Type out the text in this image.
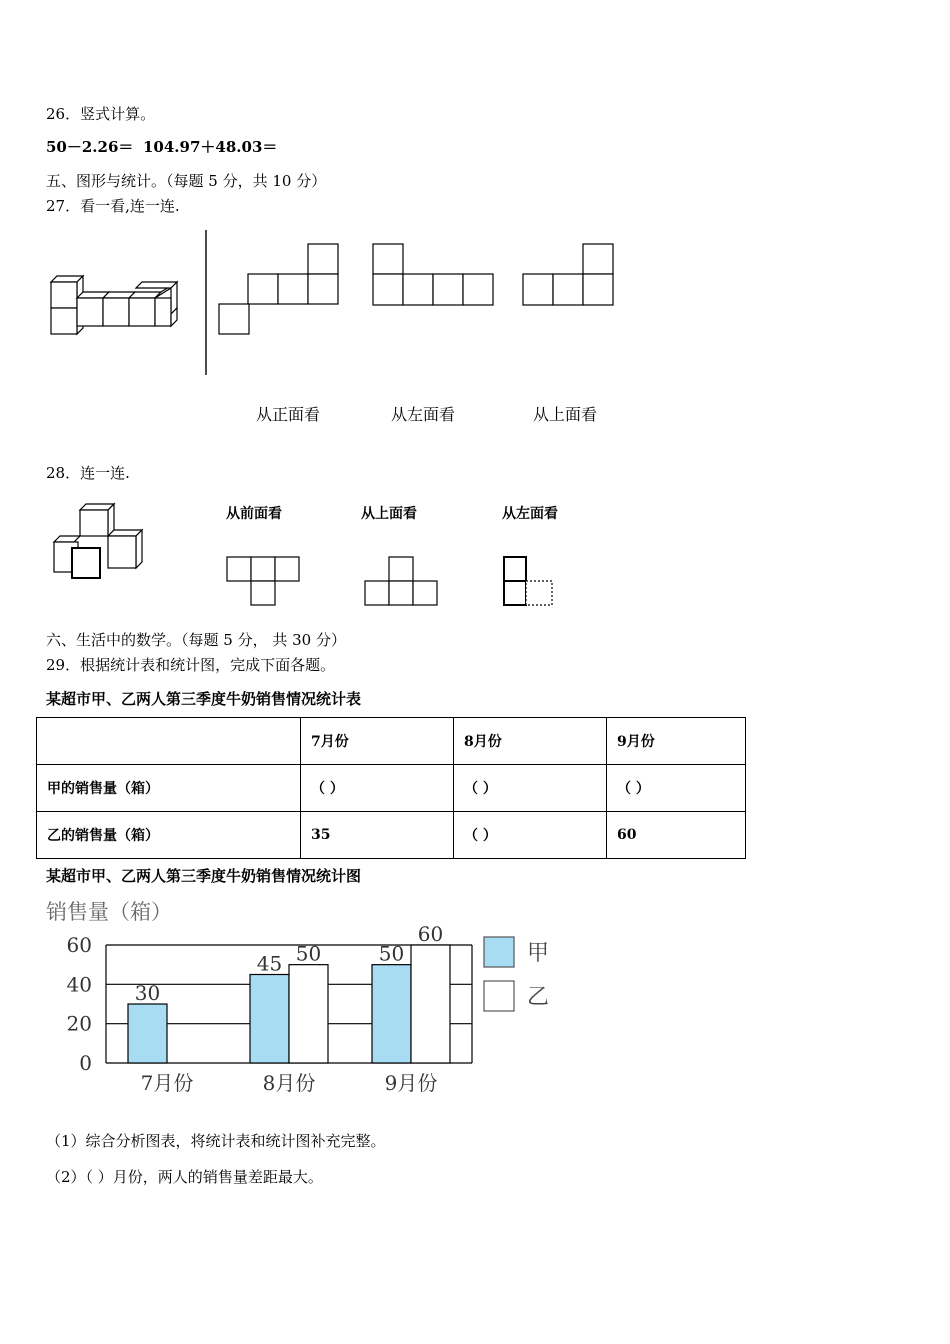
26．竖式计算。
50－2.26＝ 104.97＋48.03＝
五、图形与统计。（每题 5 分，共 10 分）
27．看一看,连一连.
从正面看	从左面看	从上面看
28．连一连.
从前面看	从上面看	从左面看
六、生活中的数学。（每题 5 分， 共 30 分）
29．根据统计表和统计图，完成下面各题。
某超市甲、乙两人第三季度牛奶销售情况统计表
	7月份	8月份	9月份
甲的销售量（箱）	（ ）	（ ）	（ ）
乙的销售量（箱）	35	（ ）	60
某超市甲、乙两人第三季度牛奶销售情况统计图
销售量（箱）
0
20
40
60
7月份
30
8月份
45 50
9月份
50
60
甲
乙
（1）综合分析图表，将统计表和统计图补充完整。
（2）（ ）月份，两人的销售量差距最大。
